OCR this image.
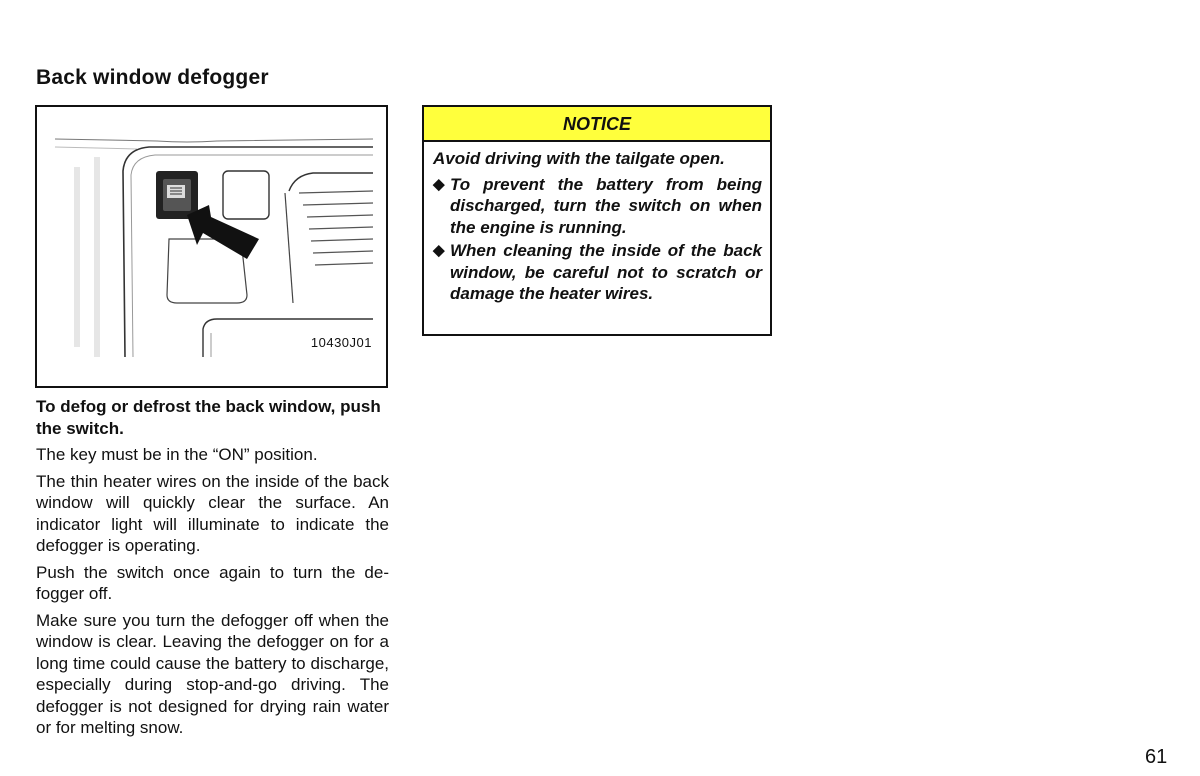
Back window defogger
10430J01

To defog or defrost the back window, push the switch.

The key must be in the “ON” position.

The thin heater wires on the inside of the back window will quickly clear the surface. An indicator light will illuminate to indicate the defogger is operating.

Push the switch once again to turn the de-fogger off.

Make sure you turn the defogger off when the window is clear. Leaving the defogger on for a long time could cause the battery to discharge, especially during stop-and-go driving. The defogger is not designed for drying rain water or for melting snow.

NOTICE

Avoid driving with the tailgate open.

◆ To prevent the battery from being discharged, turn the switch on when the engine is running.
◆ When cleaning the inside of the back window, be careful not to scratch or damage the heater wires.
61
